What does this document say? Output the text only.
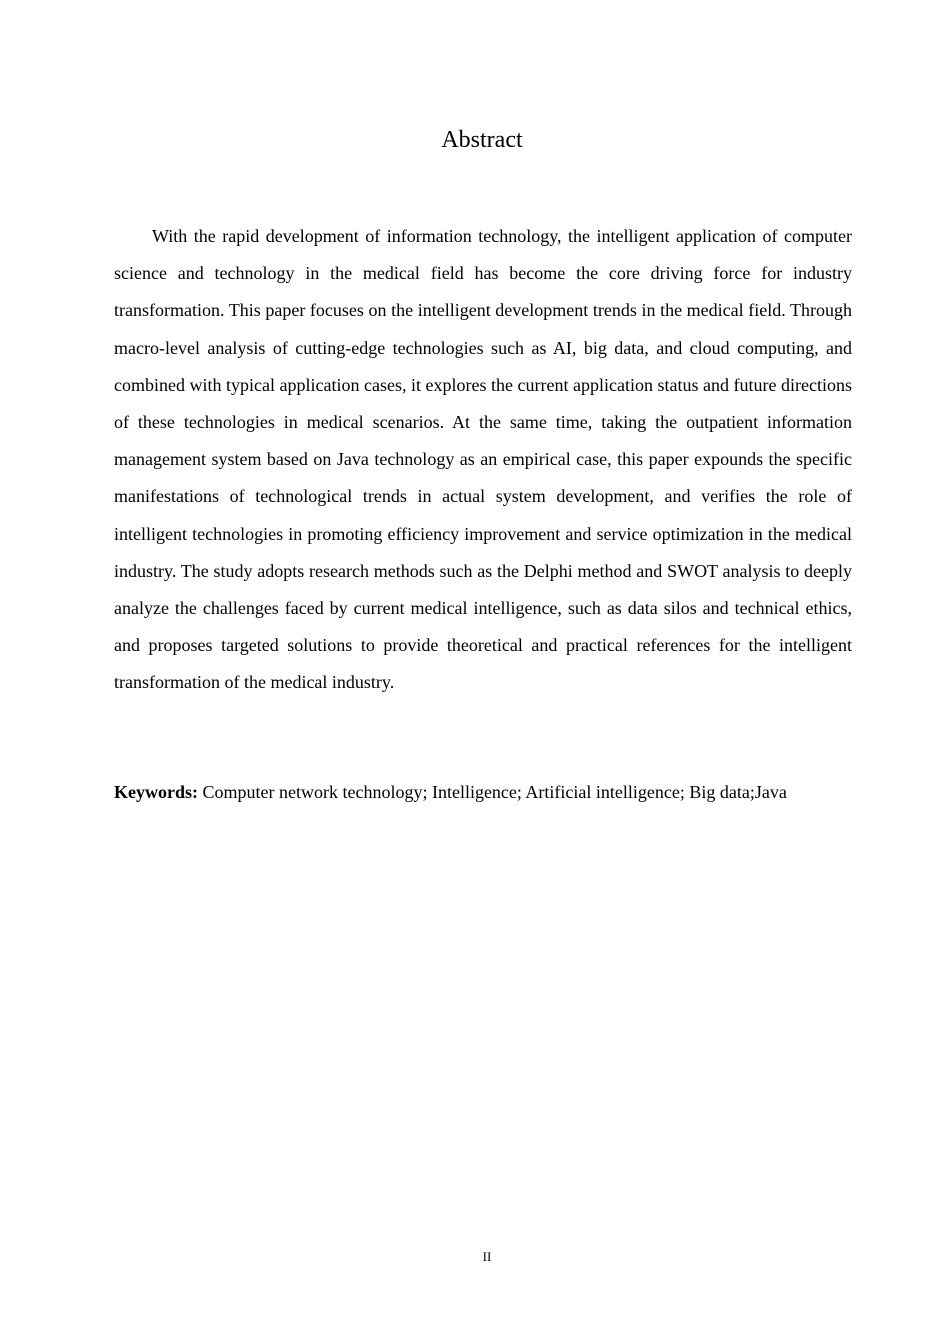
Abstract

With the rapid development of information technology, the intelligent application of computer science and technology in the medical field has become the core driving force for industry transformation. This paper focuses on the intelligent development trends in the medical field. Through macro-level analysis of cutting-edge technologies such as AI, big data, and cloud computing, and combined with typical application cases, it explores the current application status and future directions of these technologies in medical scenarios. At the same time, taking the outpatient information management system based on Java technology as an empirical case, this paper expounds the specific manifestations of technological trends in actual system development, and verifies the role of intelligent technologies in promoting efficiency improvement and service optimization in the medical industry. The study adopts research methods such as the Delphi method and SWOT analysis to deeply analyze the challenges faced by current medical intelligence, such as data silos and technical ethics, and proposes targeted solutions to provide theoretical and practical references for the intelligent transformation of the medical industry.

Keywords: Computer network technology; Intelligence; Artificial intelligence; Big data;Java

II
